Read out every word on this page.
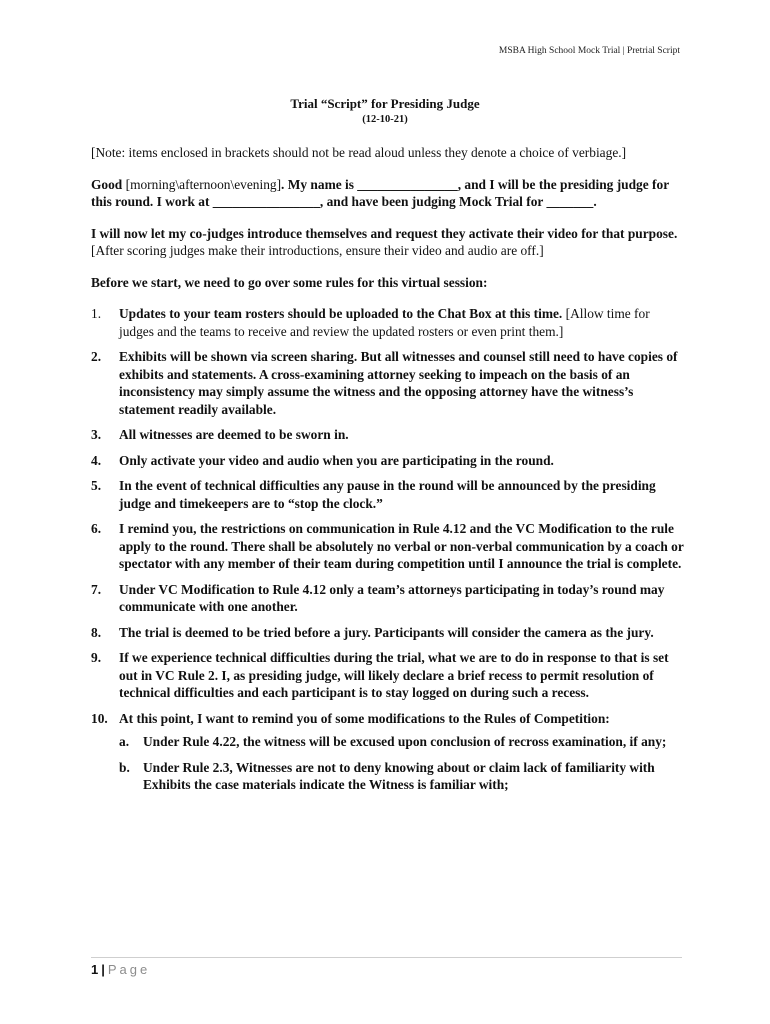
MSBA High School Mock Trial | Pretrial Script
Trial “Script” for Presiding Judge
(12-10-21)

[Note: items enclosed in brackets should not be read aloud unless they denote a choice of verbiage.]

Good [morning\afternoon\evening]. My name is _______________, and I will be the presiding judge for this round. I work at ________________, and have been judging Mock Trial for _______.

I will now let my co-judges introduce themselves and request they activate their video for that purpose. [After scoring judges make their introductions, ensure their video and audio are off.]

Before we start, we need to go over some rules for this virtual session:

1.	Updates to your team rosters should be uploaded to the Chat Box at this time. [Allow time for judges and the teams to receive and review the updated rosters or even print them.]
2.	Exhibits will be shown via screen sharing. But all witnesses and counsel still need to have copies of exhibits and statements. A cross-examining attorney seeking to impeach on the basis of an inconsistency may simply assume the witness and the opposing attorney have the witness’s statement readily available.
3.	All witnesses are deemed to be sworn in.
4.	Only activate your video and audio when you are participating in the round.
5.	In the event of technical difficulties any pause in the round will be announced by the presiding judge and timekeepers are to “stop the clock.”
6.	I remind you, the restrictions on communication in Rule 4.12 and the VC Modification to the rule apply to the round. There shall be absolutely no verbal or non-verbal communication by a coach or spectator with any member of their team during competition until I announce the trial is complete.
7.	Under VC Modification to Rule 4.12 only a team’s attorneys participating in today’s round may communicate with one another.
8.	The trial is deemed to be tried before a jury. Participants will consider the camera as the jury.
9.	If we experience technical difficulties during the trial, what we are to do in response to that is set out in VC Rule 2. I, as presiding judge, will likely declare a brief recess to permit resolution of technical difficulties and each participant is to stay logged on during such a recess.
10. At this point, I want to remind you of some modifications to the Rules of Competition:
a. Under Rule 4.22, the witness will be excused upon conclusion of recross examination, if any;
b. Under Rule 2.3, Witnesses are not to deny knowing about or claim lack of familiarity with Exhibits the case materials indicate the Witness is familiar with;
1 | Page
